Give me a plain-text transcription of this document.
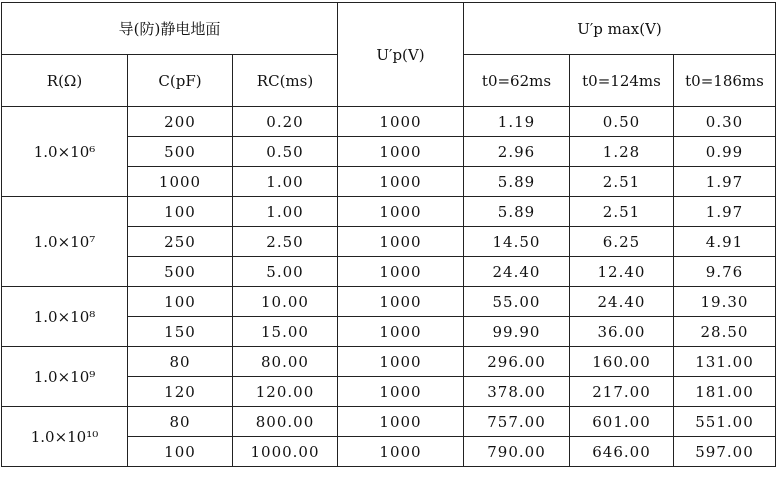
导(防)静电地面			U′p(V)	U′p max(V)		
R(Ω)	C(pF)	RC(ms)		t0=62ms	t0=124ms	t0=186ms
1.0×10⁶	200	0.20	1000	1.19	0.50	0.30
	500	0.50	1000	2.96	1.28	0.99
	1000	1.00	1000	5.89	2.51	1.97
1.0×10⁷	100	1.00	1000	5.89	2.51	1.97
	250	2.50	1000	14.50	6.25	4.91
	500	5.00	1000	24.40	12.40	9.76
1.0×10⁸	100	10.00	1000	55.00	24.40	19.30
	150	15.00	1000	99.90	36.00	28.50
1.0×10⁹	80	80.00	1000	296.00	160.00	131.00
	120	120.00	1000	378.00	217.00	181.00
1.0×10¹⁰	80	800.00	1000	757.00	601.00	551.00
	100	1000.00	1000	790.00	646.00	597.00
